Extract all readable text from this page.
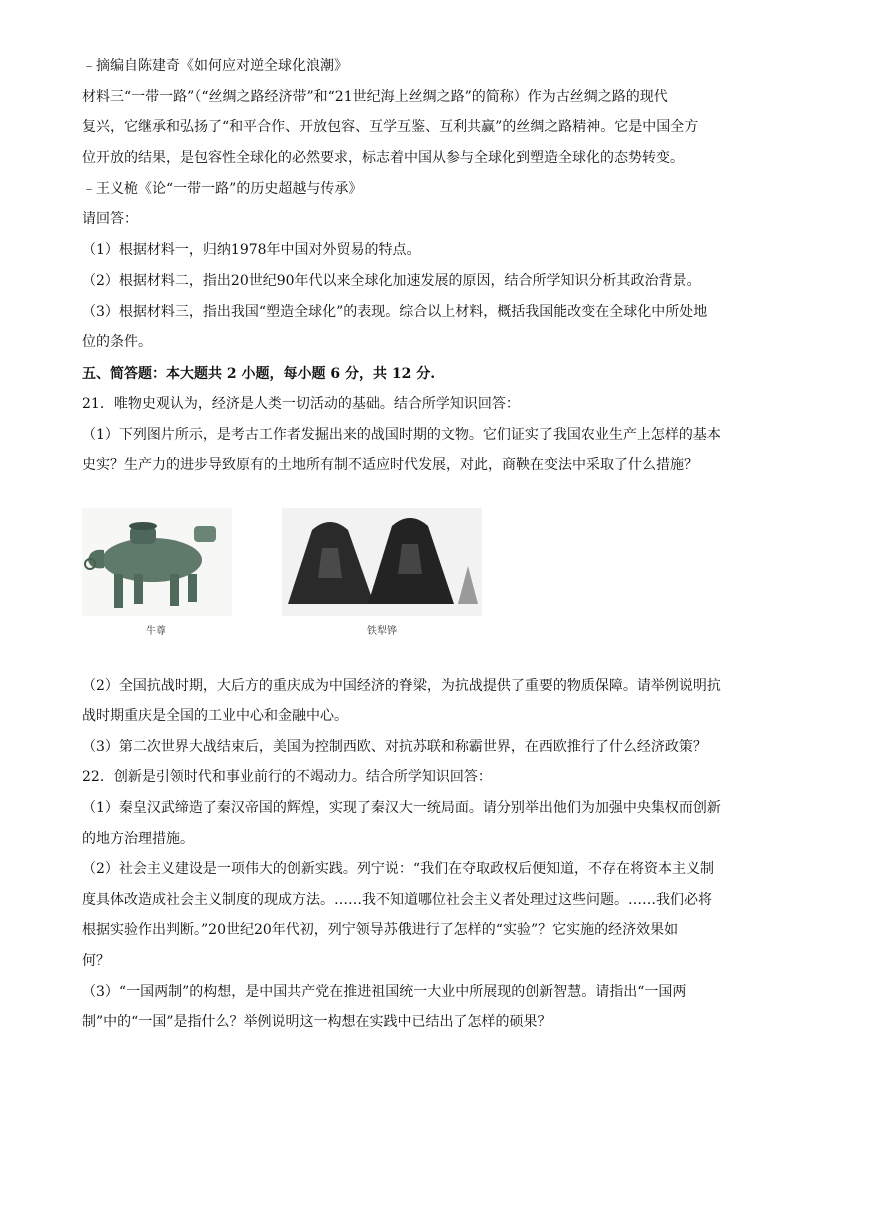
﹣摘编自陈建奇《如何应对逆全球化浪潮》
材料三“一带一路”（“丝绸之路经济带”和“21世纪海上丝绸之路”的简称）作为古丝绸之路的现代
复兴，它继承和弘扬了“和平合作、开放包容、互学互鉴、互利共赢”的丝绸之路精神。它是中国全方
位开放的结果，是包容性全球化的必然要求，标志着中国从参与全球化到塑造全球化的态势转变。
﹣王义桅《论“一带一路”的历史超越与传承》
请回答：
（1）根据材料一，归纳1978年中国对外贸易的特点。
（2）根据材料二，指出20世纪90年代以来全球化加速发展的原因，结合所学知识分析其政治背景。
（3）根据材料三，指出我国“塑造全球化”的表现。综合以上材料，概括我国能改变在全球化中所处地
位的条件。
五、简答题：本大题共 2 小题，每小题 6 分，共 12 分.
21．唯物史观认为，经济是人类一切活动的基础。结合所学知识回答：
（1）下列图片所示，是考古工作者发掘出来的战国时期的文物。它们证实了我国农业生产上怎样的基本
史实？生产力的进步导致原有的土地所有制不适应时代发展，对此，商鞅在变法中采取了什么措施？
牛尊	铁犁铧
（2）全国抗战时期，大后方的重庆成为中国经济的脊梁，为抗战提供了重要的物质保障。请举例说明抗
战时期重庆是全国的工业中心和金融中心。
（3）第二次世界大战结束后，美国为控制西欧、对抗苏联和称霸世界，在西欧推行了什么经济政策？
22．创新是引领时代和事业前行的不竭动力。结合所学知识回答：
（1）秦皇汉武缔造了秦汉帝国的辉煌，实现了秦汉大一统局面。请分别举出他们为加强中央集权而创新
的地方治理措施。
（2）社会主义建设是一项伟大的创新实践。列宁说：“我们在夺取政权后便知道，不存在将资本主义制
度具体改造成社会主义制度的现成方法。……我不知道哪位社会主义者处理过这些问题。……我们必将
根据实验作出判断。”20世纪20年代初，列宁领导苏俄进行了怎样的“实验”？它实施的经济效果如
何？
（3）“一国两制”的构想，是中国共产党在推进祖国统一大业中所展现的创新智慧。请指出“一国两
制”中的“一国”是指什么？举例说明这一构想在实践中已结出了怎样的硕果？
